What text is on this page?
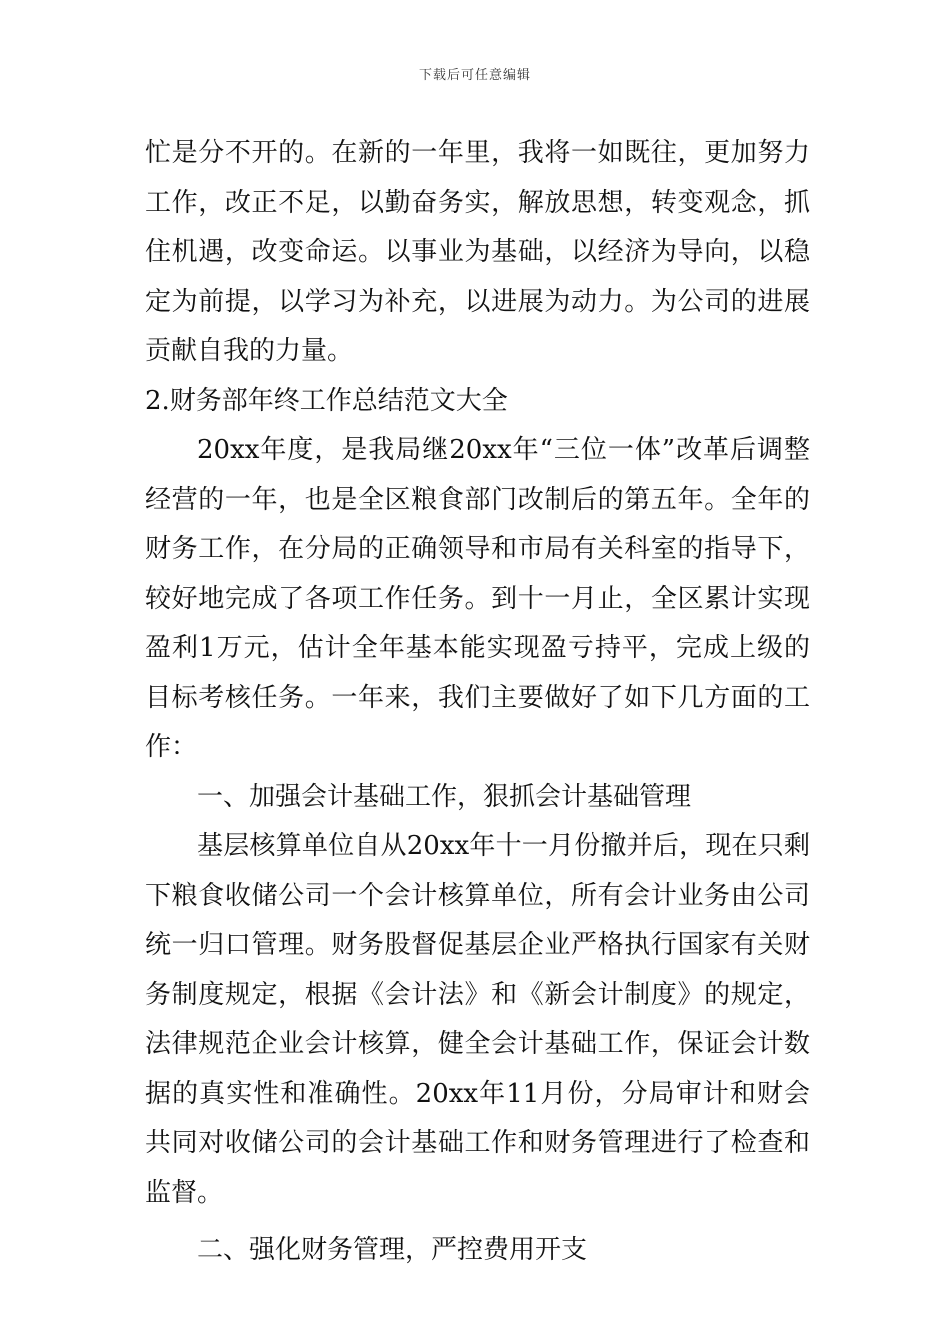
下载后可任意编辑

忙是分不开的。在新的一年里，我将一如既往，更加努力工作，改正不足，以勤奋务实，解放思想，转变观念，抓住机遇，改变命运。以事业为基础，以经济为导向，以稳定为前提，以学习为补充，以进展为动力。为公司的进展贡献自我的力量。

2.财务部年终工作总结范文大全

20xx年度，是我局继20xx年“三位一体”改革后调整经营的一年，也是全区粮食部门改制后的第五年。全年的财务工作，在分局的正确领导和市局有关科室的指导下，较好地完成了各项工作任务。到十一月止，全区累计实现盈利1万元，估计全年基本能实现盈亏持平，完成上级的目标考核任务。一年来，我们主要做好了如下几方面的工作：

一、加强会计基础工作，狠抓会计基础管理

基层核算单位自从20xx年十一月份撤并后，现在只剩下粮食收储公司一个会计核算单位，所有会计业务由公司统一归口管理。财务股督促基层企业严格执行国家有关财务制度规定，根据《会计法》和《新会计制度》的规定，法律规范企业会计核算，健全会计基础工作，保证会计数据的真实性和准确性。20xx年11月份，分局审计和财会共同对收储公司的会计基础工作和财务管理进行了检查和监督。

二、强化财务管理，严控费用开支
